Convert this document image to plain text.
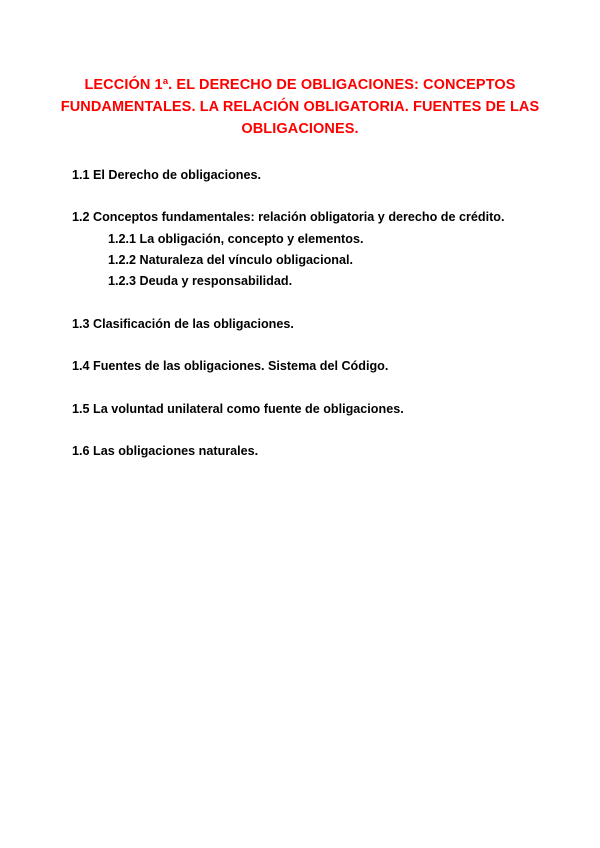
LECCIÓN 1ª. EL DERECHO DE OBLIGACIONES: CONCEPTOS FUNDAMENTALES. LA RELACIÓN OBLIGATORIA. FUENTES DE LAS OBLIGACIONES.
1.1 El Derecho de obligaciones.
1.2 Conceptos fundamentales: relación obligatoria y derecho de crédito.
1.2.1 La obligación, concepto y elementos.
1.2.2 Naturaleza del vínculo obligacional.
1.2.3 Deuda y responsabilidad.
1.3 Clasificación de las obligaciones.
1.4 Fuentes de las obligaciones. Sistema del Código.
1.5 La voluntad unilateral como fuente de obligaciones.
1.6 Las obligaciones naturales.
